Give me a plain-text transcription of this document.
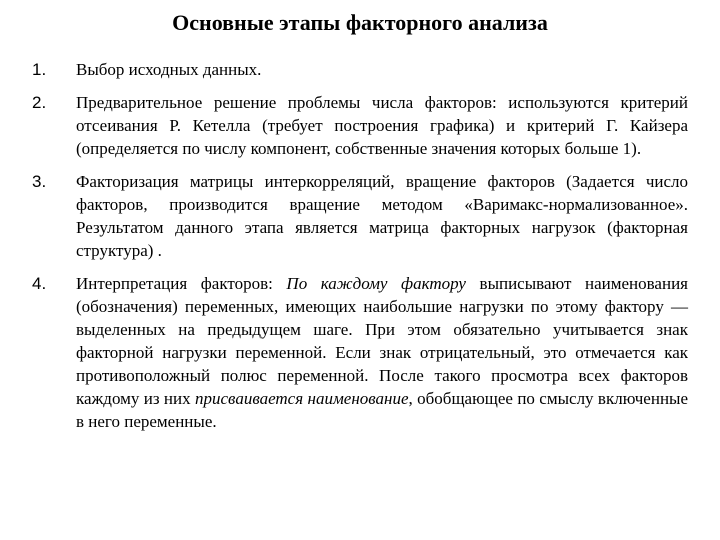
Основные этапы факторного анализа
1.	Выбор исходных данных.
2.	Предварительное решение проблемы числа факторов: используются критерий отсеивания Р. Кетелла (требует построения графика) и критерий Г. Кайзера (определяется по числу компонент, собственные значения которых больше 1).
3.	Факторизация матрицы интеркорреляций, вращение факторов (Задается число факторов, производится вращение методом «Варимакс-нормализованное». Результатом данного этапа является матрица факторных нагрузок (факторная структура) .
4.	Интерпретация факторов: По каждому фактору выписывают наименования (обозначения) переменных, имеющих наибольшие нагрузки по этому фактору — выделенных на предыдущем шаге. При этом обязательно учитывается знак факторной нагрузки переменной. Если знак отрицательный, это отмечается как противоположный полюс переменной. После такого просмотра всех факторов каждому из них присваивается наименование, обобщающее по смыслу включенные в него переменные.
